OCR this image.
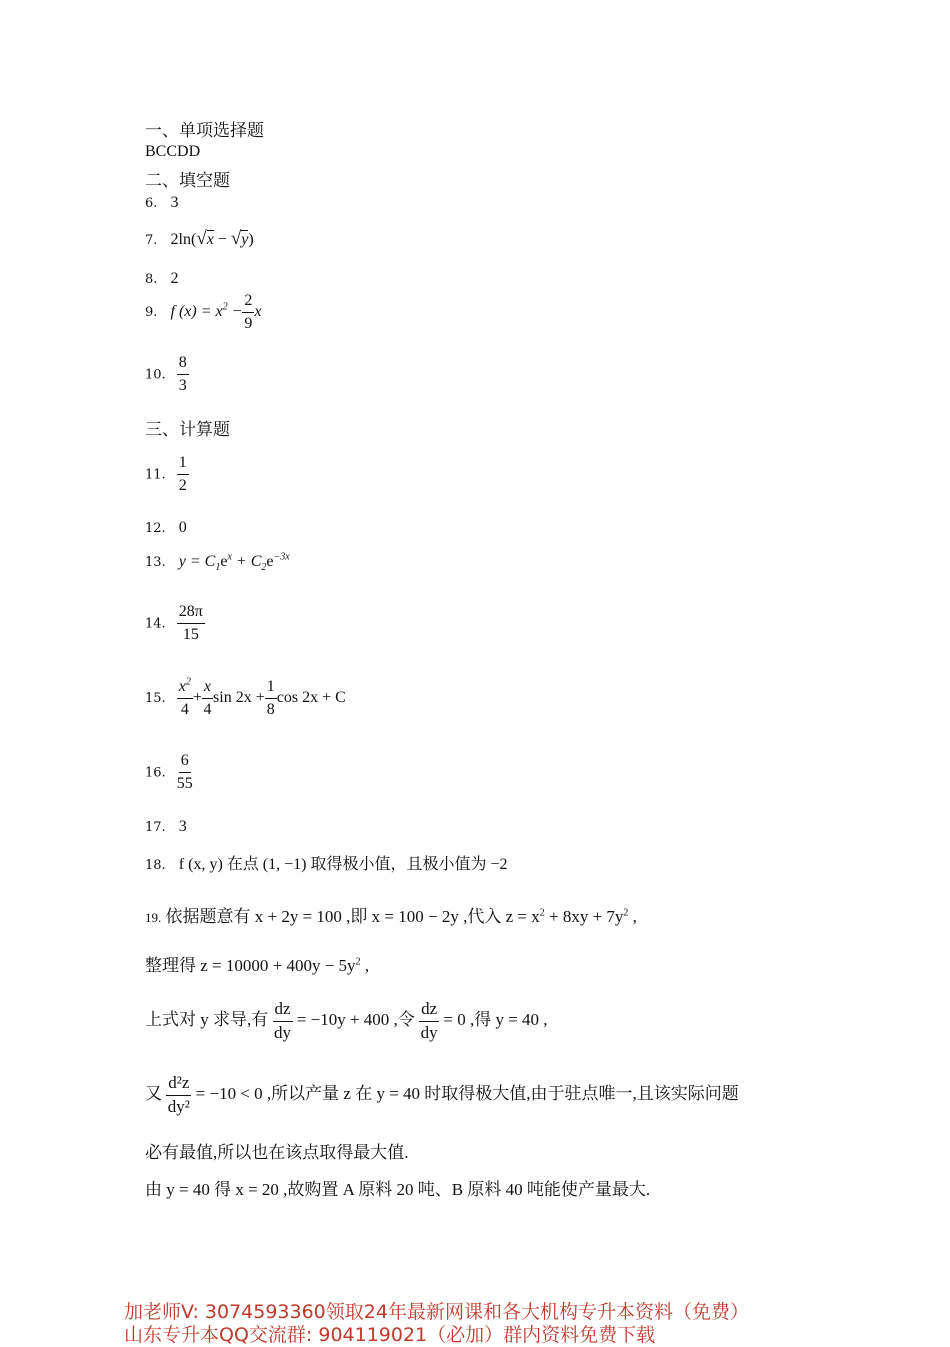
一、单项选择题
BCCDD
二、填空题
6. 3
7. 2ln(√x − √y)
8. 2
9. f $(x) = x^2 - \frac{2}{9}$ x
10. $\frac{8}{3}$
三、计算题
11. $\frac{1}{2}$
12. 0
13. $y = C_1e^x + C_2e^{-3x}$
14. $\frac{28\pi}{15}$
15. $\frac{x^2}{4} + \frac{x}{4}$ $\sin 2x + \frac{1}{8}$ cos 2x + C
16. $\frac{6}{55}$
17. 3
18. f (x, y) 在点 (1, −1) 取得极小值，且极小值为 −2
19. 依据题意有 x + 2y = 100 ,即 x = 100 − 2y ,代入 $z = x^2 + 8xy + 7y^2$ ,
整理得 $z = 10000 + 400y - 5y^2$ ,
上式对 y 求导,有 $\frac{dz}{dy} = -10y + 400$ ,令 $\frac{dz}{dy} = 0$ ,得 y = 40 ,
又 $\frac{\text{d²z}}{\text{dy²}} = -10 < 0$ ,所以产量 z 在 y = 40 时取得极大值,由于驻点唯一,且该实际问题
必有最值,所以也在该点取得最大值.
由 y = 40 得 x = 20 ,故购置 A 原料 20 吨、B 原料 40 吨能使产量最大.
加老师V: 3074593360领取24年最新网课和各大机构专升本资料（免费）
山东专升本QQ交流群: 904119021（必加）群内资料免费下载
